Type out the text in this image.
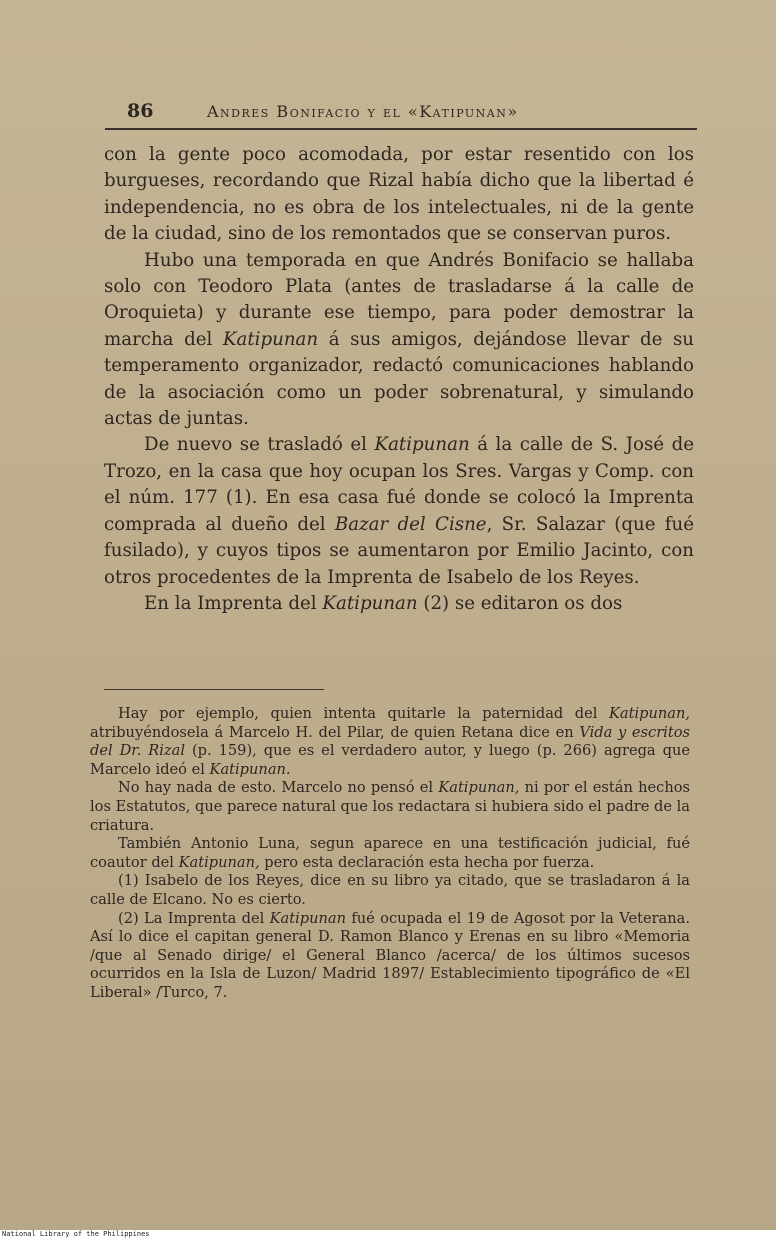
86	Andres Bonifacio y el «Katipunan»

con la gente poco acomodada, por estar resentido con los burgueses, recordando que Rizal había dicho que la libertad é independencia, no es obra de los intelectuales, ni de la gente de la ciudad, sino de los remontados que se conservan puros.

Hubo una temporada en que Andrés Bonifacio se hallaba solo con Teodoro Plata (antes de trasladarse á la calle de Oroquieta) y durante ese tiempo, para poder demostrar la marcha del Katipunan á sus amigos, dejándose llevar de su temperamento organizador, redactó comunicaciones hablando de la asociación como un poder sobrenatural, y simulando actas de juntas.

De nuevo se trasladó el Katipunan á la calle de S. José de Trozo, en la casa que hoy ocupan los Sres. Vargas y Comp. con el núm. 177 (1). En esa casa fué donde se colocó la Imprenta comprada al dueño del Bazar del Cisne, Sr. Salazar (que fué fusilado), y cuyos tipos se aumentaron por Emilio Jacinto, con otros procedentes de la Imprenta de Isabelo de los Reyes.

En la Imprenta del Katipunan (2) se editaron os dos

Hay por ejemplo, quien intenta quitarle la paternidad del Katipunan, atribuyéndosela á Marcelo H. del Pilar, de quien Retana dice en Vida y escritos del Dr. Rizal (p. 159), que es el verdadero autor, y luego (p. 266) agrega que Marcelo ideó el Katipunan.

No hay nada de esto. Marcelo no pensó el Katipunan, ni por el están hechos los Estatutos, que parece natural que los redactara si hubiera sido el padre de la criatura.

También Antonio Luna, segun aparece en una testificación judicial, fué coautor del Katipunan, pero esta declaración esta hecha por fuerza.

(1) Isabelo de los Reyes, dice en su libro ya citado, que se trasladaron á la calle de Elcano. No es cierto.

(2) La Imprenta del Katipunan fué ocupada el 19 de Agosot por la Veterana. Así lo dice el capitan general D. Ramon Blanco y Erenas en su libro «Memoria /que al Senado dirige/ el General Blanco /acerca/ de los últimos sucesos ocurridos en la Isla de Luzon/ Madrid 1897/ Establecimiento tipográfico de «El Liberal» /Turco, 7.

National Library of the Philippines
